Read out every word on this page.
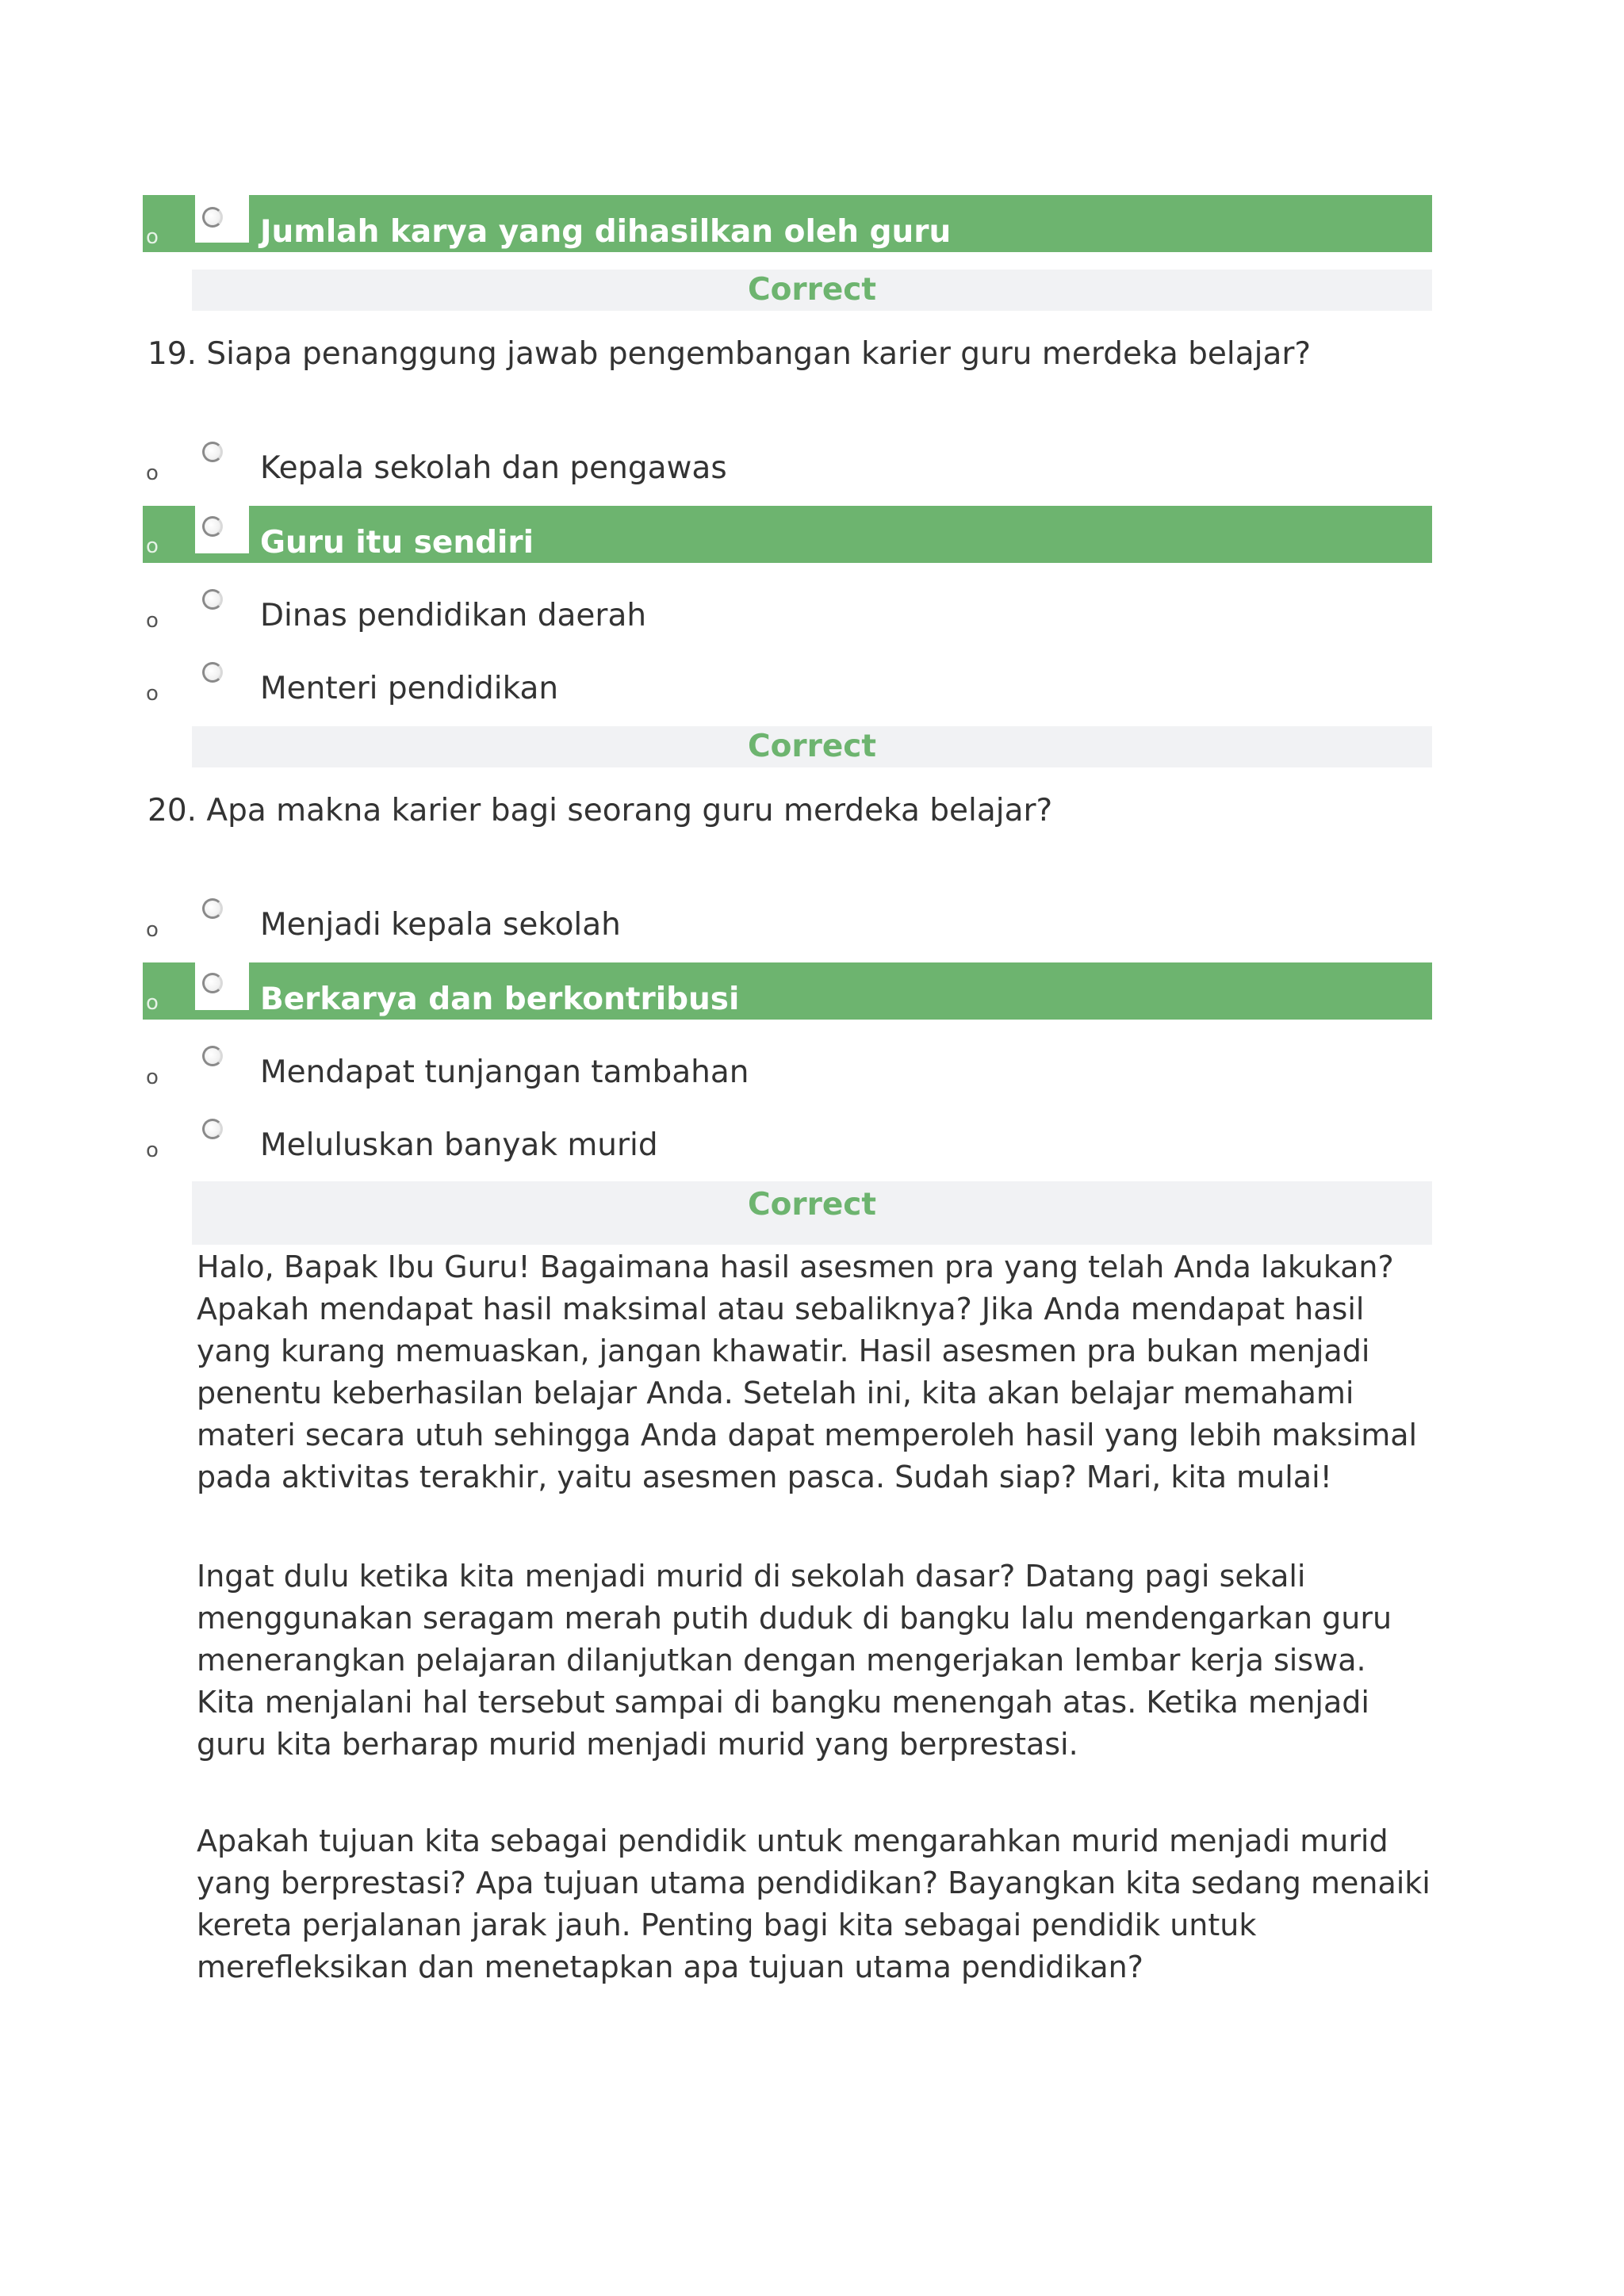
o	Jumlah karya yang dihasilkan oleh guru
Correct
19. Siapa penanggung jawab pengembangan karier guru merdeka belajar?
o	Kepala sekolah dan pengawas
o	Guru itu sendiri
o	Dinas pendidikan daerah
o	Menteri pendidikan
Correct
20. Apa makna karier bagi seorang guru merdeka belajar?
o	Menjadi kepala sekolah
o	Berkarya dan berkontribusi
o	Mendapat tunjangan tambahan
o	Meluluskan banyak murid
Correct
Halo, Bapak Ibu Guru! Bagaimana hasil asesmen pra yang telah Anda lakukan? Apakah mendapat hasil maksimal atau sebaliknya? Jika Anda mendapat hasil yang kurang memuaskan, jangan khawatir. Hasil asesmen pra bukan menjadi penentu keberhasilan belajar Anda. Setelah ini, kita akan belajar memahami materi secara utuh sehingga Anda dapat memperoleh hasil yang lebih maksimal pada aktivitas terakhir, yaitu asesmen pasca. Sudah siap? Mari, kita mulai!
Ingat dulu ketika kita menjadi murid di sekolah dasar? Datang pagi sekali menggunakan seragam merah putih duduk di bangku lalu mendengarkan guru menerangkan pelajaran dilanjutkan dengan mengerjakan lembar kerja siswa. Kita menjalani hal tersebut sampai di bangku menengah atas. Ketika menjadi guru kita berharap murid menjadi murid yang berprestasi.
Apakah tujuan kita sebagai pendidik untuk mengarahkan murid menjadi murid yang berprestasi? Apa tujuan utama pendidikan? Bayangkan kita sedang menaiki kereta perjalanan jarak jauh. Penting bagi kita sebagai pendidik untuk merefleksikan dan menetapkan apa tujuan utama pendidikan?
